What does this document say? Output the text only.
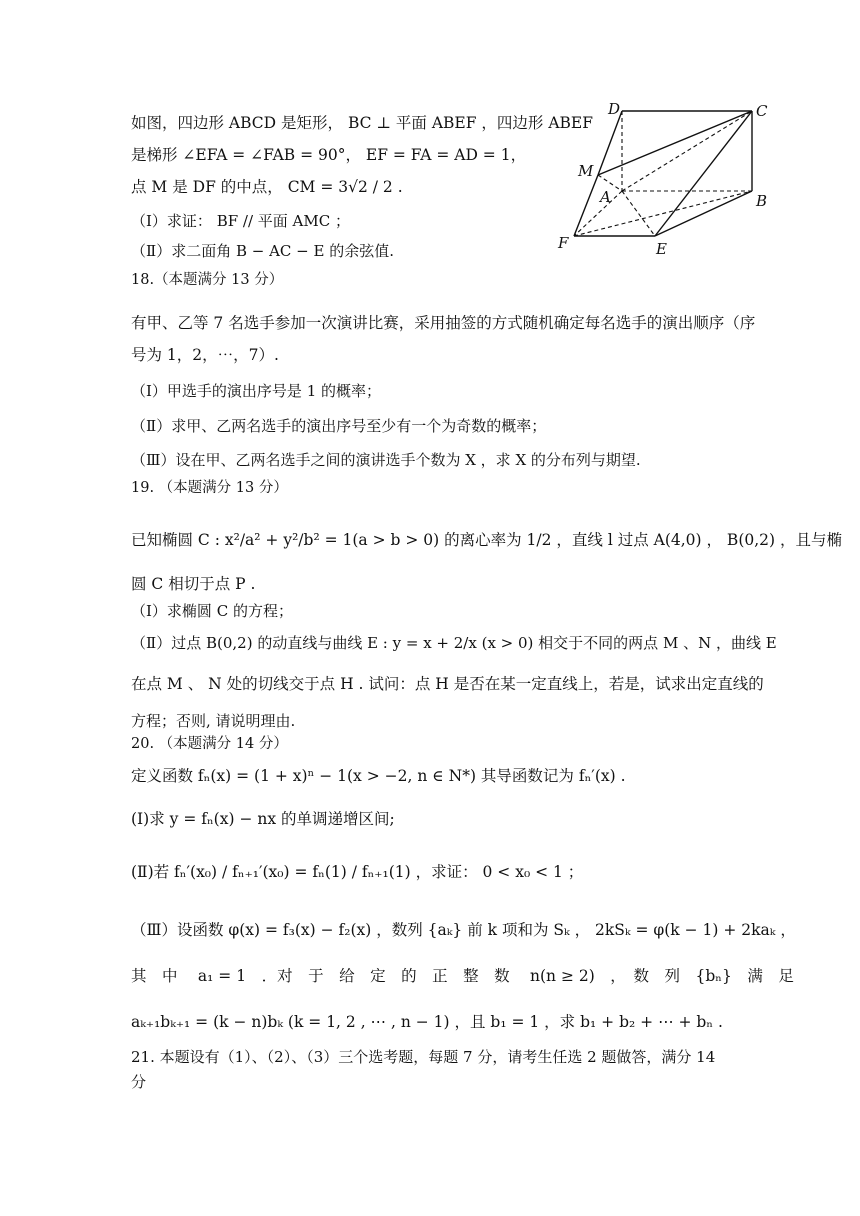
如图，四边形 ABCD 是矩形， BC ⊥ 平面 ABEF ，四边形 ABEF
是梯形 ∠EFA = ∠FAB = 90°， EF = FA = AD = 1，
点 M 是 DF 的中点， CM = 3√2 / 2 .
（Ⅰ）求证： BF // 平面 AMC ；
（Ⅱ）求二面角 B − AC − E 的余弦值.
D	C
M
A	B
F	E
18.（本题满分 13 分）
有甲、乙等 7 名选手参加一次演讲比赛，采用抽签的方式随机确定每名选手的演出顺序（序
号为 1，2，⋯，7）.
（Ⅰ）甲选手的演出序号是 1 的概率；
（Ⅱ）求甲、乙两名选手的演出序号至少有一个为奇数的概率；
（Ⅲ）设在甲、乙两名选手之间的演讲选手个数为 X ，求 X 的分布列与期望.
19. （本题满分 13 分）
已知椭圆 C : x²/a² + y²/b² = 1(a > b > 0) 的离心率为 1/2 ，直线 l 过点 A(4,0) ， B(0,2) ，且与椭
圆 C 相切于点 P .
（Ⅰ）求椭圆 C 的方程；
（Ⅱ）过点 B(0,2) 的动直线与曲线 E : y = x + 2/x (x > 0) 相交于不同的两点 M 、N ，曲线 E
在点 M 、 N 处的切线交于点 H . 试问：点 H 是否在某一定直线上，若是，试求出定直线的
方程；否则, 请说明理由.
20. （本题满分 14 分）
定义函数 fₙ(x) = (1 + x)ⁿ − 1(x > −2, n ∈ N*) 其导函数记为 fₙ′(x) .
(Ⅰ)求 y = fₙ(x) − nx 的单调递增区间;
(Ⅱ)若 fₙ′(x₀) / fₙ₊₁′(x₀) = fₙ(1) / fₙ₊₁(1) ，求证： 0 < x₀ < 1 ；
（Ⅲ）设函数 φ(x) = f₃(x) − f₂(x) ，数列 {aₖ} 前 k 项和为 Sₖ ， 2kSₖ = φ(k − 1) + 2kaₖ ，
其　中　 a₁ = 1　．对　于　给　定　的　正　整　数　 n(n ≥ 2)　，　数　列　{bₙ}　满　足
aₖ₊₁bₖ₊₁ = (k − n)bₖ (k = 1, 2 , ⋯ , n − 1) ，且 b₁ = 1 ，求 b₁ + b₂ + ⋯ + bₙ .
21. 本题设有（1）、（2）、（3）三个选考题，每题 7 分，请考生任选 2 题做答，满分 14
分
